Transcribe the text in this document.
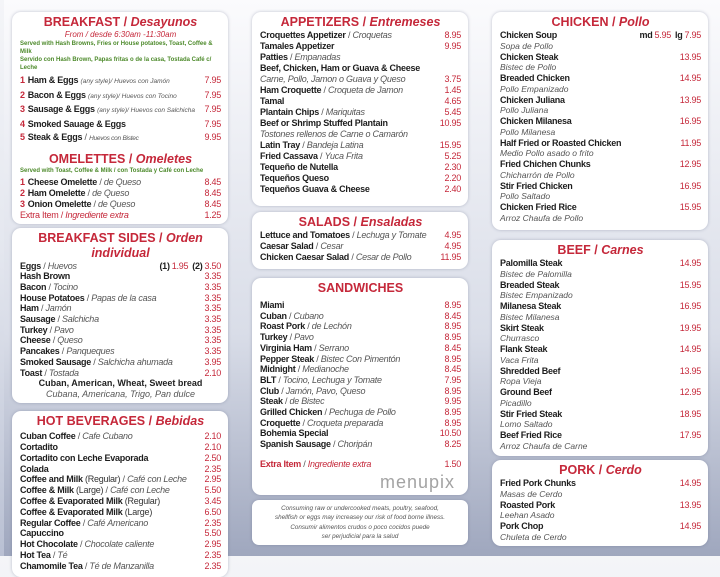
BREAKFAST / Desayunos
From / desde 6:30am -11:30am
Served with Hash Browns, Fries or House potatoes, Toast, Coffee & Milk
Servido con Hash Brown, Papas fritas o de la casa, Tostada Café c/ Leche
1 Ham & Eggs (any style)/ Huevos con Jamón	7.95
2 Bacon & Eggs (any style)/ Huevos con Tocino	7.95
3 Sausage & Eggs (any style)/ Huevos con Salchicha	7.95
4 Smoked Sauage & Eggs	7.95
5 Steak & Eggs / Huevos con Bistec	9.95
OMELETTES / Omeletes
Served with Toast, Coffee & Milk / con Tostada y Café con Leche
1 Cheese Omelette / de Queso	8.45
2 Ham Omelette / de Queso	8.45
3 Onion Omelette / de Queso	8.45
Extra Item / Ingrediente extra	1.25
BREAKFAST SIDES / Orden individual
Eggs / Huevos	(1) 1.95 (2) 3.50
Hash Brown	3.35
Bacon / Tocino	3.35
House Potatoes / Papas de la casa	3.35
Ham / Jamón	3.35
Sausage / Salchicha	3.35
Turkey / Pavo	3.35
Cheese / Queso	3.35
Pancakes / Panqueques	3.35
Smoked Sausage / Salchicha ahumada	3.95
Toast / Tostada	2.10
Cuban, American, Wheat, Sweet bread
Cubana, Americana, Trigo, Pan dulce
HOT BEVERAGES / Bebidas
Cuban Coffee / Cafe Cubano	2.10
Cortadito	2.10
Cortadito con Leche Evaporada	2.50
Colada	2.35
Coffee and Milk (Regular) / Café con Leche	2.95
Coffee & Milk (Large) / Café con Leche	5.50
Coffee & Evaporated Milk (Regular)	3.45
Coffee & Evaporated Milk (Large)	6.50
Regular Coffee / Café Americano	2.35
Capuccino	5.50
Hot Chocolate / Chocolate caliente	2.95
Hot Tea / Té	2.35
Chamomile Tea / Té de Manzanilla	2.35
APPETIZERS / Entremeses
Croquettes Appetizer / Croquetas	8.95
Tamales Appetizer	9.95
Patties / Empanadas
Beef, Chicken, Ham or Guava & Cheese
Carne, Pollo, Jamon o Guava y Queso	3.75
Ham Croquette / Croqueta de Jamon	1.45
Tamal	4.65
Plantain Chips / Mariquitas	5.45
Beef or Shrimp Stuffed Plantain	10.95
Tostones rellenos de Carne o Camarón
Latin Tray / Bandeja Latina	15.95
Fried Cassava / Yuca Frita	5.25
Tequeño de Nutella	2.30
Tequeños Queso	2.20
Tequeños Guava & Cheese	2.40
SALADS / Ensaladas
Lettuce and Tomatoes / Lechuga y Tomate	4.95
Caesar Salad / Cesar	4.95
Chicken Caesar Salad / Cesar de Pollo	11.95
SANDWICHES
Miami	8.95
Cuban / Cubano	8.45
Roast Pork / de Lechón	8.95
Turkey / Pavo	8.95
Virginia Ham / Serrano	8.45
Pepper Steak / Bistec Con Pimentón	8.95
Midnight / Medianoche	8.45
BLT / Tocino, Lechuga y Tomate	7.95
Club / Jamón, Pavo, Queso	8.95
Steak / de Bistec	9.95
Grilled Chicken / Pechuga de Pollo	8.95
Croquette / Croqueta preparada	8.95
Bohemia Special	10.50
Spanish Sausage / Choripán	8.25
Extra Item / Ingrediente extra	1.50
menupix
Consuming raw or undercooked meats, poultry, seafood,
shellfish or eggs may increasey our risk of food borne illness.
Consumir alimentos crudos o poco cocidos puede
ser perjudicial para la salud
CHICKEN / Pollo
Chicken Soup	md 5.95 lg 7.95
Sopa de Pollo
Chicken Steak	13.95
Bistec de Pollo
Breaded Chicken	14.95
Pollo Empanizado
Chicken Juliana	13.95
Pollo Juliana
Chicken Milanesa	16.95
Pollo Milanesa
Half Fried or Roasted Chicken	11.95
Medio Pollo asado o frito
Fried Chichen Chunks	12.95
Chicharrón de Pollo
Stir Fried Chicken	16.95
Pollo Saltado
Chicken Fried Rice	15.95
Arroz Chaufa de Pollo
BEEF / Carnes
Palomilla Steak	14.95
Bistec de Palomilla
Breaded Steak	15.95
Bistec Empanizado
Milanesa Steak	16.95
Bistec Milanesa
Skirt Steak	19.95
Churrasco
Flank Steak	14.95
Vaca Frita
Shredded Beef	13.95
Ropa Vieja
Ground Beef	12.95
Picadillo
Stir Fried Steak	18.95
Lomo Saltado
Beef Fried Rice	17.95
Arroz Chaufa de Carne
PORK / Cerdo
Fried Pork Chunks	14.95
Masas de Cerdo
Roasted Pork	13.95
Leehan Asado
Pork Chop	14.95
Chuleta de Cerdo
